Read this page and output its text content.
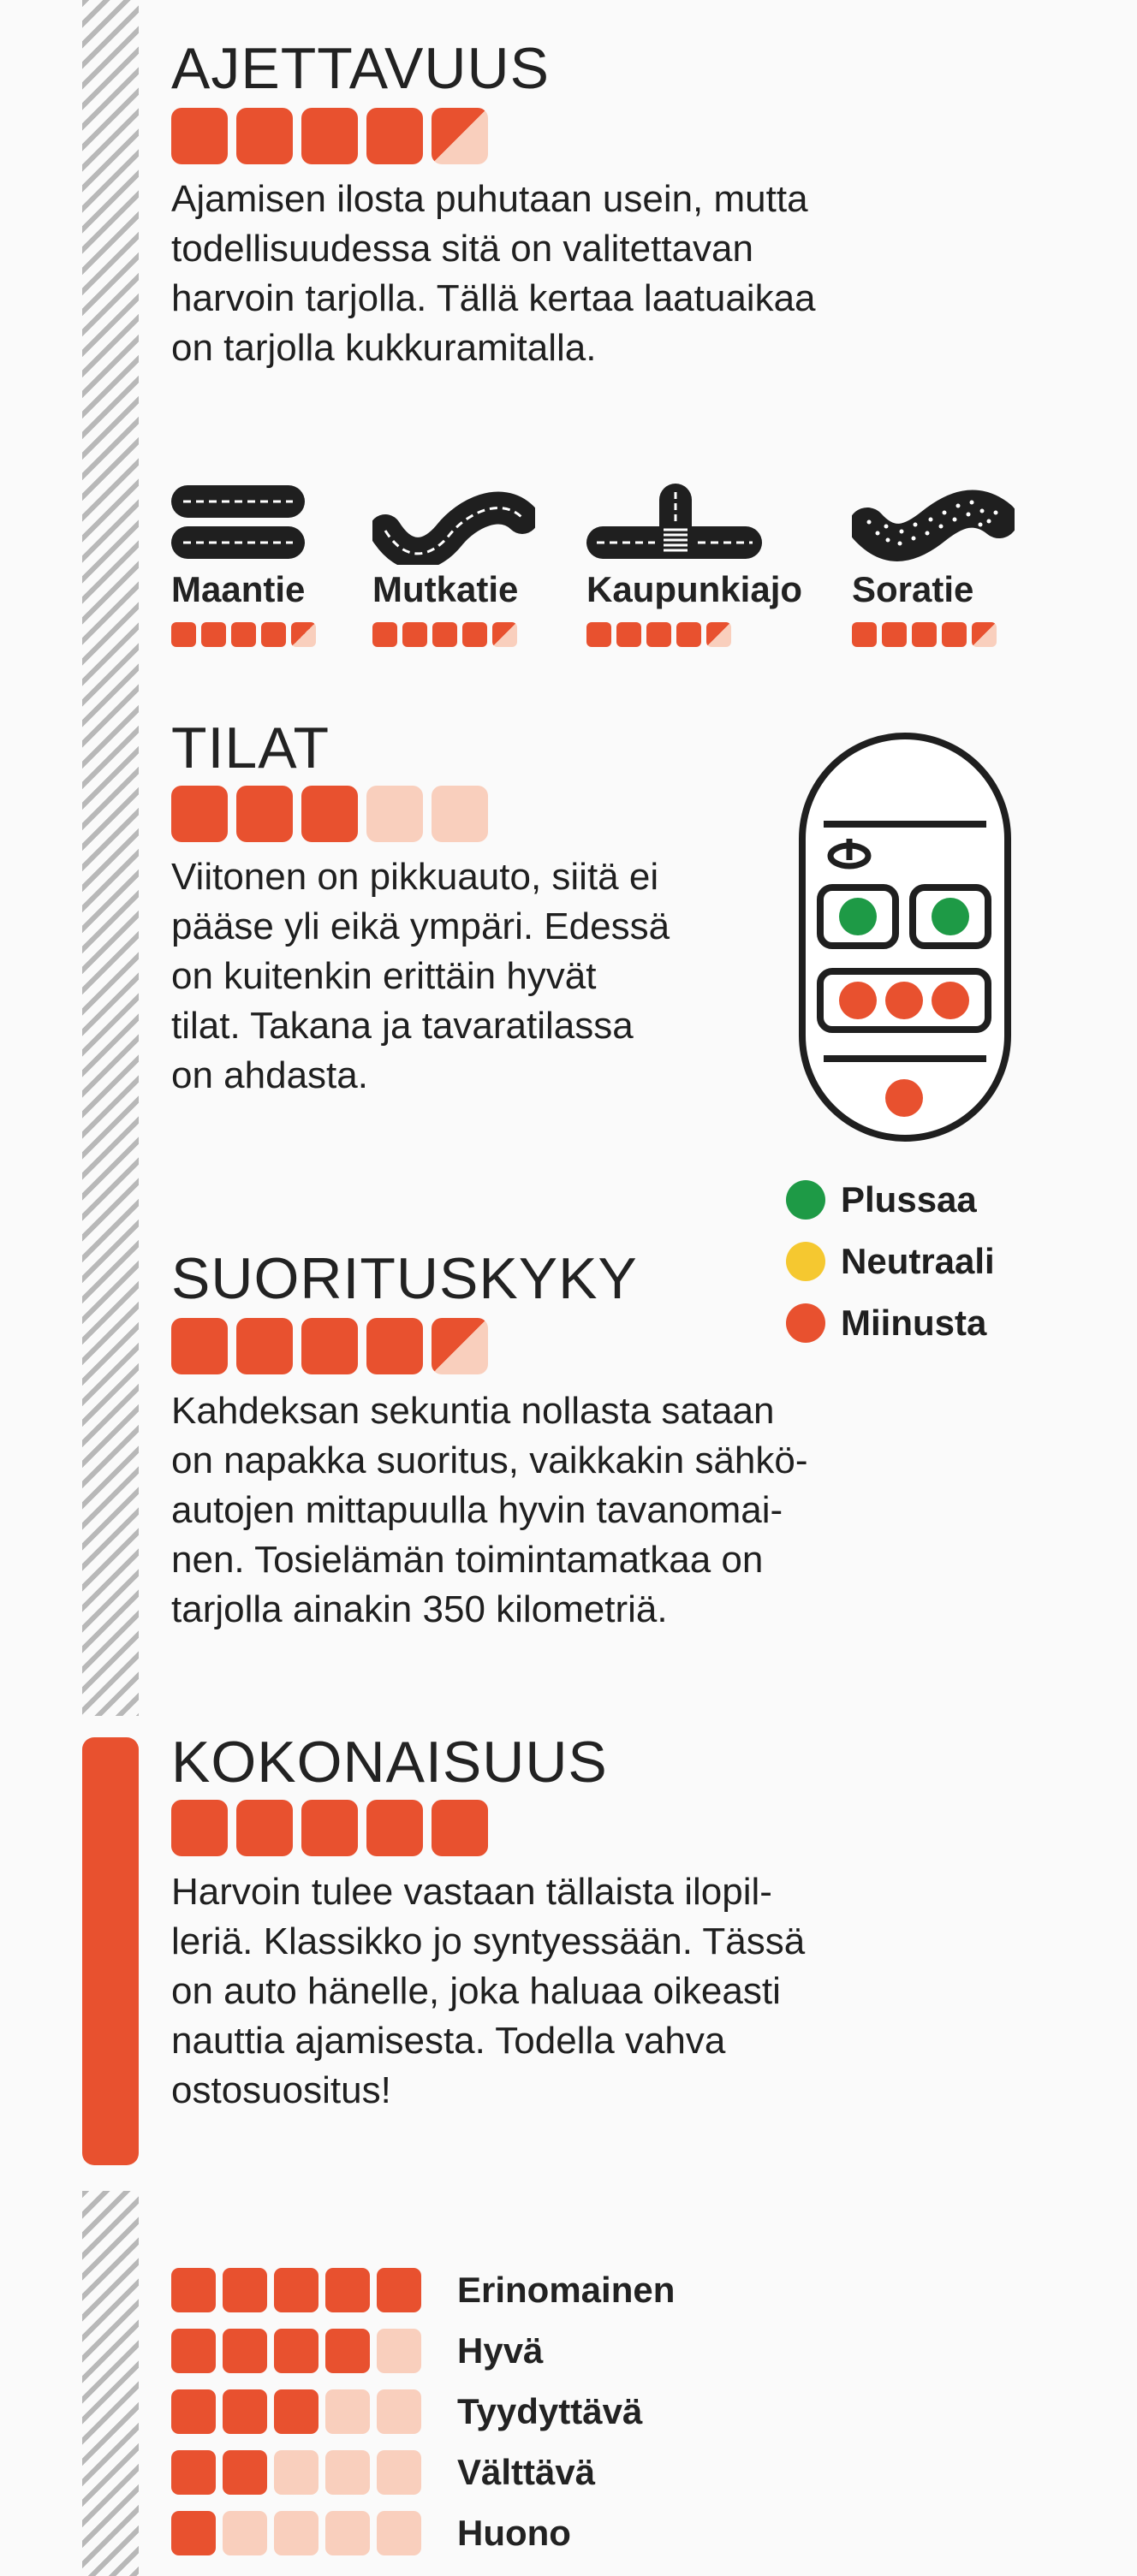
AJETTAVUUS
Ajamisen ilosta puhutaan usein, mutta
todellisuudessa sitä on valitettavan
harvoin tarjolla. Tällä kertaa laatuaikaa
on tarjolla kukkuramitalla.
Maantie	Mutkatie	Kaupunkiajo Soratie
TILAT
Viitonen on pikkuauto, siitä ei
pääse yli eikä ympäri. Edessä
on kuitenkin erittäin hyvät
tilat. Takana ja tavaratilassa
on ahdasta.
Plussaa
Neutraali
Miinusta
SUORITUSKYKY
Kahdeksan sekuntia nollasta sataan
on napakka suoritus, vaikkakin sähkö-
autojen mittapuulla hyvin tavanomai-
nen. Tosielämän toimintamatkaa on
tarjolla ainakin 350 kilometriä.
KOKONAISUUS
Harvoin tulee vastaan tällaista ilopil-
leriä. Klassikko jo syntyessään. Tässä
on auto hänelle, joka haluaa oikeasti
nauttia ajamisesta. Todella vahva
ostosuositus!
Erinomainen
Hyvä
Tyydyttävä
Välttävä
Huono
